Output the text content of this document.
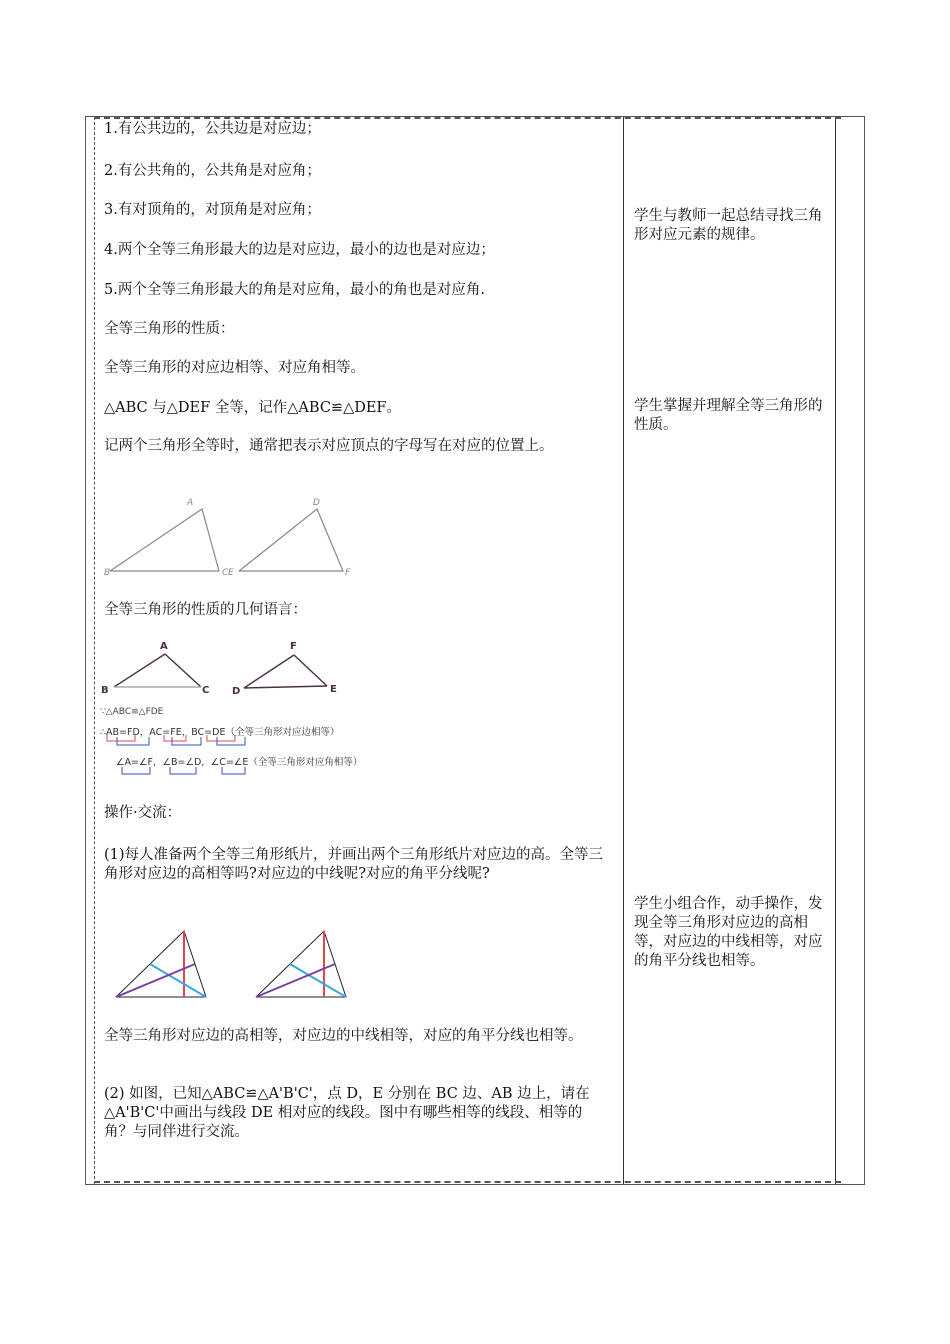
1.有公共边的，公共边是对应边；
2.有公共角的，公共角是对应角；
3.有对顶角的，对顶角是对应角；
4.两个全等三角形最大的边是对应边，最小的边也是对应边；
5.两个全等三角形最大的角是对应角，最小的角也是对应角.
全等三角形的性质：
全等三角形的对应边相等、对应角相等。
△ABC 与△DEF 全等，记作△ABC≌△DEF。
记两个三角形全等时，通常把表示对应顶点的字母写在对应的位置上。
B
A
C E
D
F
全等三角形的性质的几何语言：
A
B	C
F
D	E
∵△ABC≌△FDE
∴AB=FD，AC=FE，BC=DE（全等三角形对应边相等）
∠A=∠F，∠B=∠D，∠C=∠E（全等三角形对应角相等）
操作·交流：
(1)每人准备两个全等三角形纸片，并画出两个三角形纸片对应边的高。全等三角形对应边的高相等吗?对应边的中线呢?对应的角平分线呢?
全等三角形对应边的高相等，对应边的中线相等，对应的角平分线也相等。
(2) 如图，已知△ABC≌△A'B'C'，点 D，E 分别在 BC 边、AB 边上，请在△A'B'C'中画出与线段 DE 相对应的线段。图中有哪些相等的线段、相等的角？与同伴进行交流。
学生与教师一起总结寻找三角形对应元素的规律。
学生掌握并理解全等三角形的性质。
学生小组合作，动手操作，发现全等三角形对应边的高相等，对应边的中线相等，对应的角平分线也相等。
